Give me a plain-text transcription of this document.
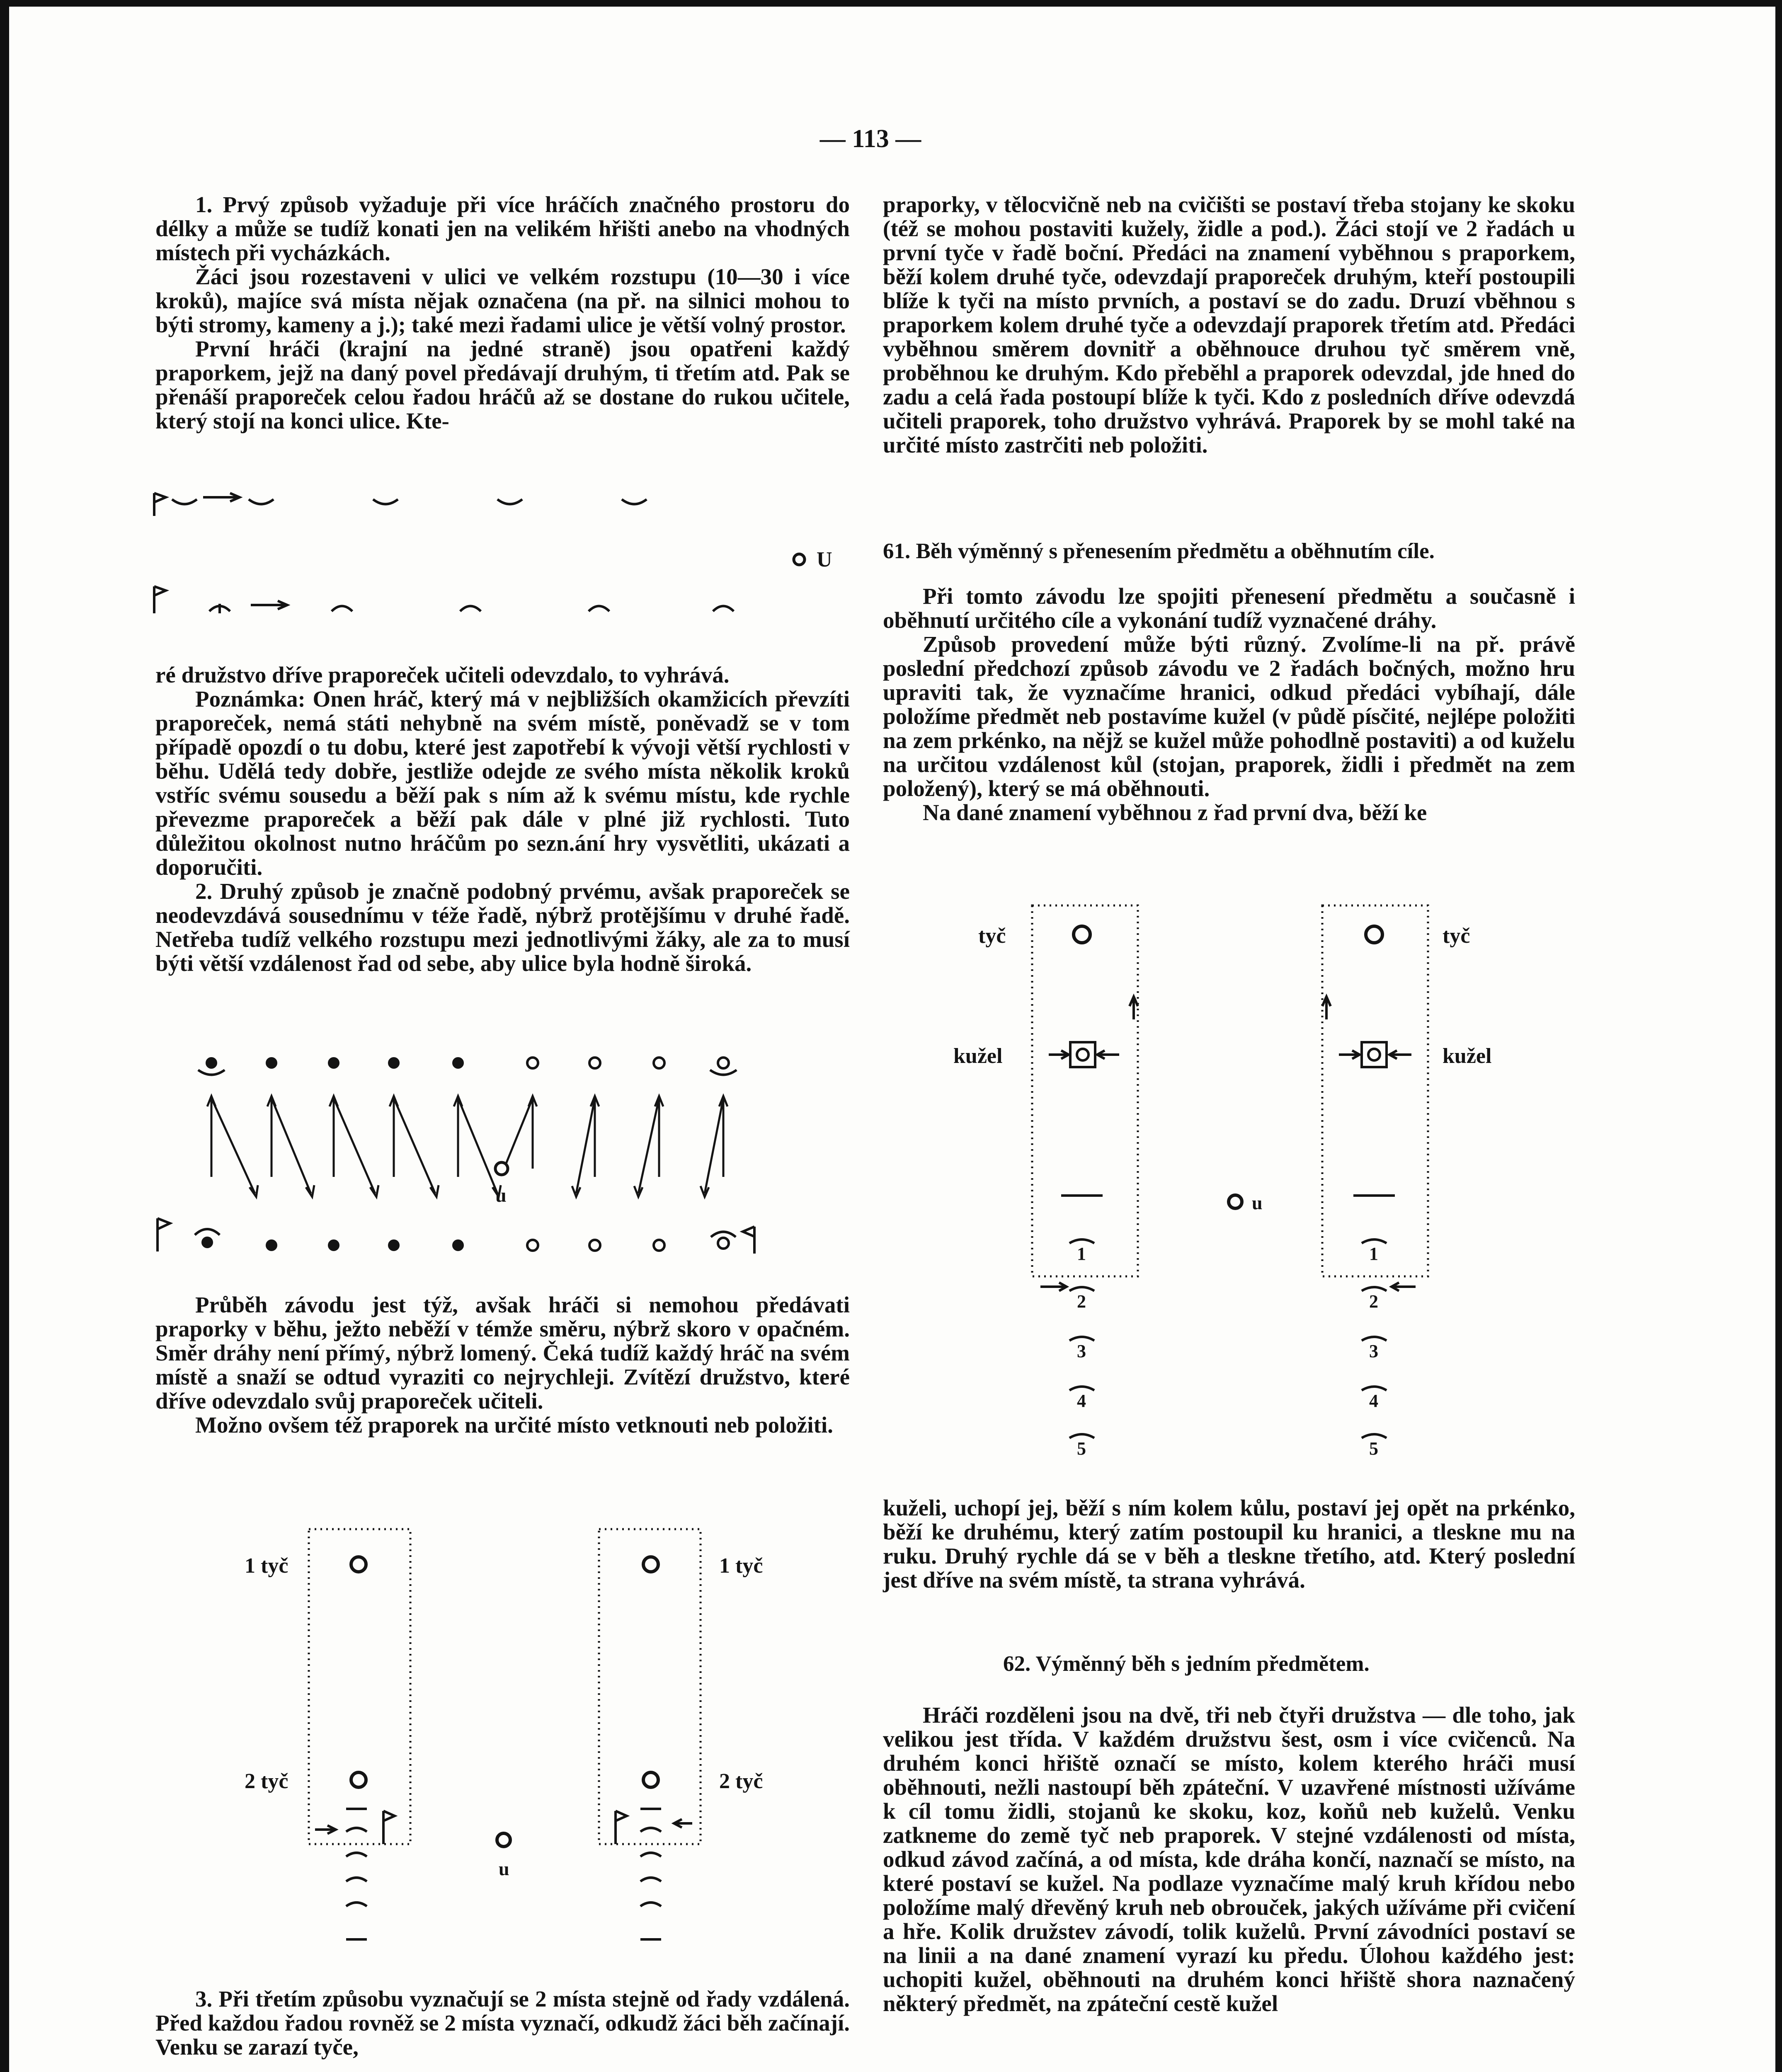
— 113 —

1. Prvý způsob vyžaduje při více hráčích značného prostoru do délky a může se tudíž konati jen na velikém hřišti anebo na vhodných místech při vycházkách.

Žáci jsou rozestaveni v ulici ve velkém rozstupu (10—30 i více kroků), majíce svá místa nějak označena (na př. na silnici mohou to býti stromy, kameny a j.); také mezi řadami ulice je větší volný prostor.

První hráči (krajní na jedné straně) jsou opatřeni každý praporkem, jejž na daný povel předávají druhým, ti třetím atd. Pak se přenáší praporeček celou řadou hráčů až se dostane do rukou učitele, který stojí na konci ulice. Kte-

U

ré družstvo dříve praporeček učiteli odevzdalo, to vyhrává.

Poznámka: Onen hráč, který má v nejbližších okamžicích převzíti praporeček, nemá státi nehybně na svém místě, poněvadž se v tom případě opozdí o tu dobu, které jest zapotřebí k vývoji větší rychlosti v běhu. Udělá tedy dobře, jestliže odejde ze svého místa několik kroků vstříc svému sousedu a běží pak s ním až k svému místu, kde rychle převezme praporeček a běží pak dále v plné již rychlosti. Tuto důležitou okolnost nutno hráčům po sezn.ání hry vysvětliti, ukázati a doporučiti.

2. Druhý způsob je značně podobný prvému, avšak praporeček se neodevzdává sousednímu v téže řadě, nýbrž protějšímu v druhé řadě. Netřeba tudíž velkého rozstupu mezi jednotlivými žáky, ale za to musí býti větší vzdálenost řad od sebe, aby ulice byla hodně široká.

u

Průběh závodu jest týž, avšak hráči si nemohou předávati praporky v běhu, ježto neběží v témže směru, nýbrž skoro v opačném. Směr dráhy není přímý, nýbrž lomený. Čeká tudíž každý hráč na svém místě a snaží se odtud vyraziti co nejrychleji. Zvítězí družstvo, které dříve odevzdalo svůj praporeček učiteli.

Možno ovšem též praporek na určité místo vetknouti neb položiti.

1 tyč
2 tyč
1 tyč
2 tyč
u

3. Při třetím způsobu vyznačují se 2 místa stejně od řady vzdálená. Před každou řadou rovněž se 2 místa vyznačí, odkudž žáci běh začínají. Venku se zarazí tyče,

praporky, v tělocvičně neb na cvičišti se postaví třeba stojany ke skoku (též se mohou postaviti kužely, židle a pod.). Žáci stojí ve 2 řadách u první tyče v řadě boční. Předáci na znamení vyběhnou s praporkem, běží kolem druhé tyče, odevzdají praporeček druhým, kteří postoupili blíže k tyči na místo prvních, a postaví se do zadu. Druzí vběhnou s praporkem kolem druhé tyče a odevzdají praporek třetím atd. Předáci vyběhnou směrem dovnitř a oběhnouce druhou tyč směrem vně, proběhnou ke druhým. Kdo přeběhl a praporek odevzdal, jde hned do zadu a celá řada postoupí blíže k tyči. Kdo z posledních dříve odevzdá učiteli praporek, toho družstvo vyhrává. Praporek by se mohl také na určité místo zastrčiti neb položiti.

61. Běh výměnný s přenesením předmětu a oběhnutím cíle.

Při tomto závodu lze spojiti přenesení předmětu a současně i oběhnutí určitého cíle a vykonání tudíž vyznačené dráhy.

Způsob provedení může býti různý. Zvolíme-li na př. právě poslední předchozí způsob závodu ve 2 řadách bočných, možno hru upraviti tak, že vyznačíme hranici, odkud předáci vybíhají, dále položíme předmět neb postavíme kužel (v půdě písčité, nejlépe položiti na zem prkénko, na nějž se kužel může pohodlně postaviti) a od kuželu na určitou vzdálenost kůl (stojan, praporek, židli i předmět na zem položený), který se má oběhnouti.

Na dané znamení vyběhnou z řad první dva, běží ke

tyč	tyč
kužel	kužel
u
1
2
3
4
5
1
2
3
4
5

kuželi, uchopí jej, běží s ním kolem kůlu, postaví jej opět na prkénko, běží ke druhému, který zatím postoupil ku hranici, a tleskne mu na ruku. Druhý rychle dá se v běh a tleskne třetího, atd. Který poslední jest dříve na svém místě, ta strana vyhrává.

62. Výměnný běh s jedním předmětem.

Hráči rozděleni jsou na dvě, tři neb čtyři družstva — dle toho, jak velikou jest třída. V každém družstvu šest, osm i více cvičenců. Na druhém konci hřiště označí se místo, kolem kterého hráči musí oběhnouti, nežli nastoupí běh zpáteční. V uzavřené místnosti užíváme k cíl tomu židli, stojanů ke skoku, koz, koňů neb kuželů. Venku zatkneme do země tyč neb praporek. V stejné vzdálenosti od místa, odkud závod začíná, a od místa, kde dráha končí, naznačí se místo, na které postaví se kužel. Na podlaze vyznačíme malý kruh křídou nebo položíme malý dřevěný kruh neb obrouček, jakých užíváme při cvičení a hře. Kolik družstev závodí, tolik kuželů. První závodníci postaví se na linii a na dané znamení vyrazí ku předu. Úlohou každého jest: uchopiti kužel, oběhnouti na druhém konci hřiště shora naznačený některý předmět, na zpáteční cestě kužel
